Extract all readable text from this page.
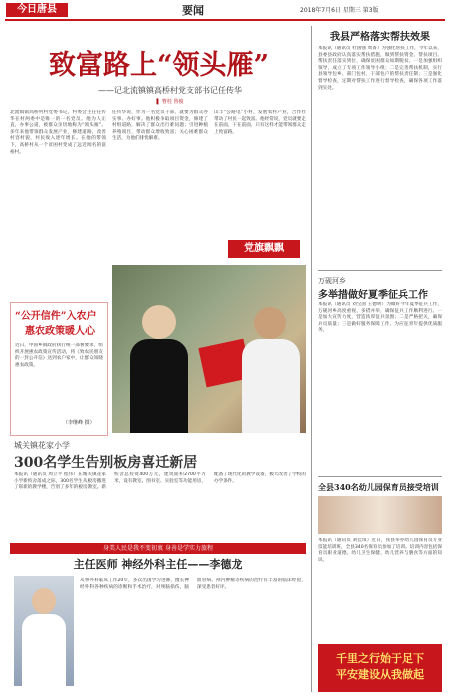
今日唐县	要闻	2018年7月6日 星期三 第3版
致富路上“领头雁”
——记北流镇镇高桥村党支部书记任传华
▌ 曹桂 鲁俊
北流镇镇高桥村村党委书记，村委会主任任传华在村两委中是唯一的一名党员。他为人正直，办事公道，被群众亲切地称为“领头雁”。多年来他带领群众发展产业，修建道路，改善村容村貌，村民收入逐年增长。在他的带领下，高桥村从一个贫困村变成了远近闻名的富裕村。
任传华说，作为一名党员干部，就要为群众办实事、办好事。他积极争取项目资金，修建了村组道路，解决了群众出行难问题；引进种植养殖项目，带动群众增收致富；关心困难群众生活，为他们排忧解难。
山丰“公路电”小村，发展农村产业，合作社带动了村民一起致富。他经常说，党员就要走在前面，干在前面，只有这样才能带领群众走上致富路。
党旗飘飘
“公开信件”入农户
惠农政策暖人心
近日，中国乡镇政府执行统一部署要求，组织开展惠农政策宣传活动，将《致农民朋友的一封公开信》送到农户家中，让群众知晓惠农政策。
（李继峰 摄）
城关镇花家小学
300名学生告别板房喜迁新居
本报讯（通讯员 周立平 程伟）在城关镇花家小学新校舍落成之际，300名学生从板房搬进了崭新的教学楼，告别了多年的板房教室。新校舍总投资400万元，建筑面积2700平方米，设有教室、图书室、实验室等功能用房，配备了现代化的教学设备，极大改善了学校的办学条件。
身美人民是我不变初衷 身善是学实力旅程
主任医师 神经外科主任——李德龙
从事外科临床工作20年，多次出国学习进修，擅长神经外科各种疾病的诊断和手术治疗，对颅脑损伤、脑血管病、颅内肿瘤等疾病的治疗有丰富的临床经验，深受患者好评。
我县严格落实帮扶效果
本报讯（通讯员 杜国强 周菁）为强化帮扶工作，今年以来，县委县政府认真落实帮扶措施，做到帮扶资金、帮扶项目、帮扶责任落实到位，确保贫困群众如期脱贫。一是加强组织领导，成立了专项工作领导小组；二是完善帮扶机制，实行县领导包乡、部门包村、干部包户的帮扶责任制；三是强化督导检查，定期对帮扶工作进行督导检查，确保各项工作落到实处。
万砚河乡
多举措做好夏季征兵工作
本报讯（通讯员 刘宝国 王德明）为做好今年夏季征兵工作，万砚河乡高度重视，多措并举，确保征兵工作顺利进行。一是加大宣传力度，营造浓厚征兵氛围；二是严格把关，确保兵员质量；三是做好服务保障工作，为应征青年提供优质服务。
全县340名幼儿园保育员接受培训
本报讯（通讯员 刘佳琪）近日，我县举办幼儿园保育员专业技能培训班，全县340名保育员参加了培训。培训内容包括保育员职业道德、幼儿卫生保健、幼儿营养与膳食等方面的知识。
千里之行始于足下
平安建设从我做起
